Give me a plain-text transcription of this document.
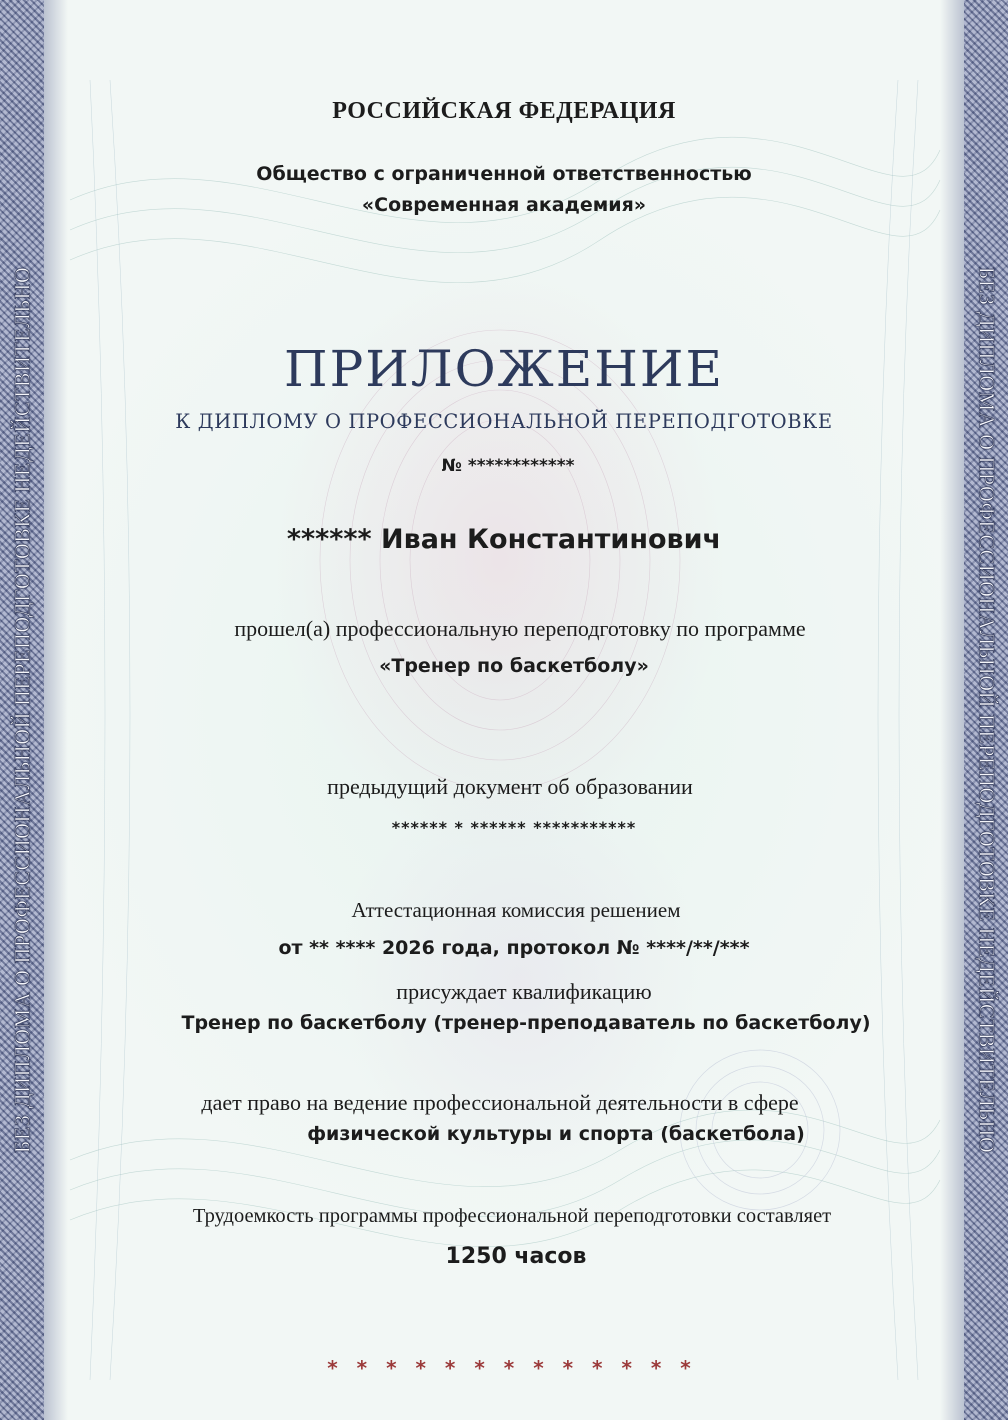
БЕЗ ДИПЛОМА О ПРОФЕССИОНАЛЬНОЙ ПЕРЕПОДГОТОВКЕ НЕДЕЙСТВИТЕЛЬНО	БЕЗ ДИПЛОМА О ПРОФЕССИОНАЛЬНОЙ ПЕРЕПОДГОТОВКЕ НЕДЕЙСТВИТЕЛЬНО
РОССИЙСКАЯ ФЕДЕРАЦИЯ
Общество с ограниченной ответственностью
«Современная академия»
ПРИЛОЖЕНИЕ
К ДИПЛОМУ О ПРОФЕССИОНАЛЬНОЙ ПЕРЕПОДГОТОВКЕ
№ ************
****** Иван Константинович
прошел(а) профессиональную переподготовку по программе
«Тренер по баскетболу»
предыдущий документ об образовании
****** * ****** ***********
Аттестационная комиссия решением
от ** **** 2026 года, протокол № ****/**/***
присуждает квалификацию
Тренер по баскетболу (тренер-преподаватель по баскетболу)
дает право на ведение профессиональной деятельности в сфере
физической культуры и спорта (баскетбола)
Трудоемкость программы профессиональной переподготовки составляет
1250 часов
* * * * * * * * * * * * *
